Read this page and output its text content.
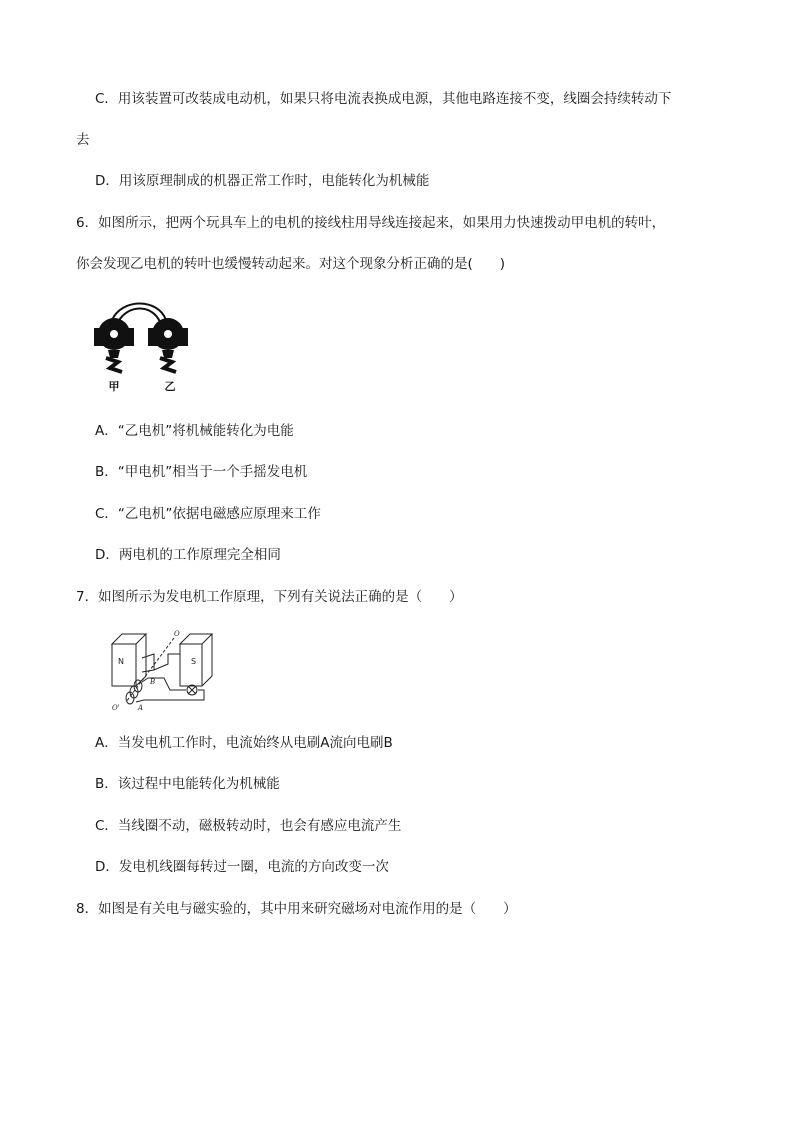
C．用该装置可改装成电动机，如果只将电流表换成电源，其他电路连接不变，线圈会持续转动下
去
D．用该原理制成的机器正常工作时，电能转化为机械能
6．如图所示，把两个玩具车上的电机的接线柱用导线连接起来，如果用力快速拨动甲电机的转叶，
你会发现乙电机的转叶也缓慢转动起来。对这个现象分析正确的是(　　)
甲	乙
A．“乙电机”将机械能转化为电能
B．“甲电机”相当于一个手摇发电机
C．“乙电机”依据电磁感应原理来工作
D．两电机的工作原理完全相同
7．如图所示为发电机工作原理，下列有关说法正确的是（　　）
N	S
O
O'
B
A
A．当发电机工作时，电流始终从电刷A流向电刷B
B．该过程中电能转化为机械能
C．当线圈不动，磁极转动时，也会有感应电流产生
D．发电机线圈每转过一圈，电流的方向改变一次
8．如图是有关电与磁实验的，其中用来研究磁场对电流作用的是（　　）
